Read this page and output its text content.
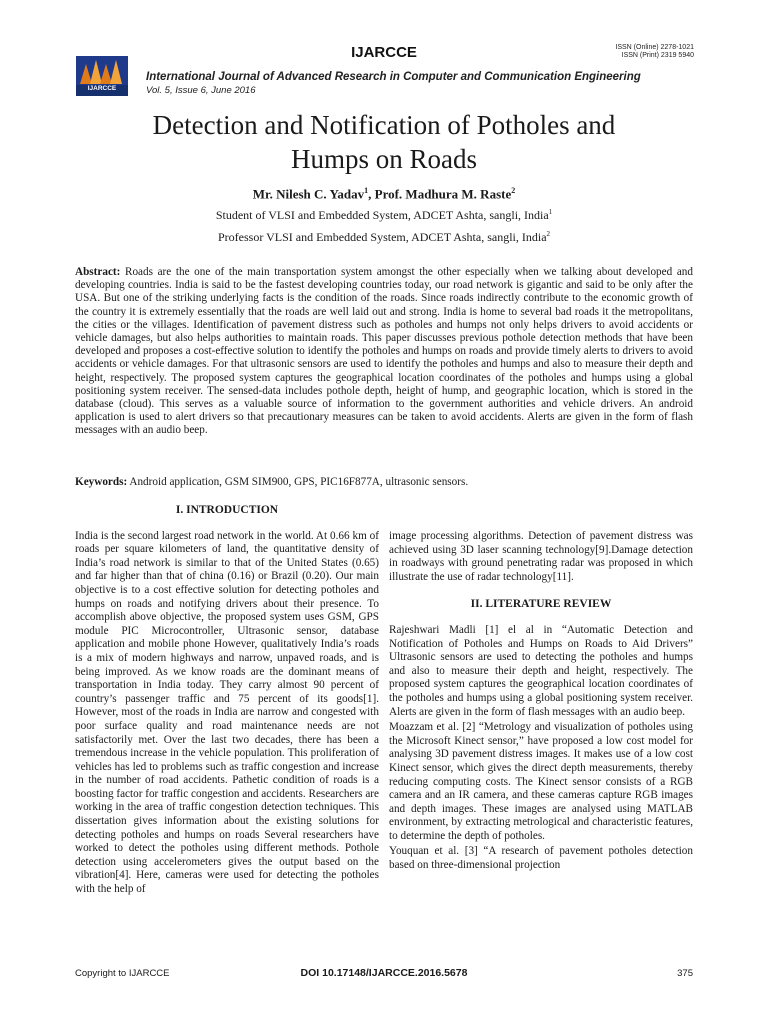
IJARCCE
IJARCCE	ISSN (Online) 2278-1021
ISSN (Print) 2319 5940
International Journal of Advanced Research in Computer and Communication Engineering
Vol. 5, Issue 6, June 2016
Detection and Notification of Potholes and
Humps on Roads
Mr. Nilesh C. Yadav$^1$, Prof. Madhura M. Raste$^2$
Student of VLSI and Embedded System, ADCET Ashta, sangli, India$^1$
Professor VLSI and Embedded System, ADCET Ashta, sangli, India$^2$
Abstract: Roads are the one of the main transportation system amongst the other especially when we talking about developed and developing countries. India is said to be the fastest developing countries today, our road network is gigantic and said to be only after the USA. But one of the striking underlying facts is the condition of the roads. Since roads indirectly contribute to the economic growth of the country it is extremely essentially that the roads are well laid out and strong. India is home to several bad roads it the metropolitans, the cities or the villages. Identification of pavement distress such as potholes and humps not only helps drivers to avoid accidents or vehicle damages, but also helps authorities to maintain roads. This paper discusses previous pothole detection methods that have been developed and proposes a cost-effective solution to identify the potholes and humps on roads and provide timely alerts to drivers to avoid accidents or vehicle damages. For that ultrasonic sensors are used to identify the potholes and humps and also to measure their depth and height, respectively. The proposed system captures the geographical location coordinates of the potholes and humps using a global positioning system receiver. The sensed-data includes pothole depth, height of hump, and geographic location, which is stored in the database (cloud). This serves as a valuable source of information to the government authorities and vehicle drivers. An android application is used to alert drivers so that precautionary measures can be taken to avoid accidents. Alerts are given in the form of flash messages with an audio beep.
Keywords: Android application, GSM SIM900, GPS, PIC16F877A, ultrasonic sensors.
I. INTRODUCTION

India is the second largest road network in the world. At 0.66 km of roads per square kilometers of land, the quantitative density of India’s road network is similar to that of the United States (0.65) and far higher than that of china (0.16) or Brazil (0.20). Our main objective is to a cost effective solution for detecting potholes and humps on roads and notifying drivers about their presence. To accomplish above objective, the proposed system uses GSM, GPS module PIC Microcontroller, Ultrasonic sensor, database application and mobile phone However, qualitatively India’s roads is a mix of modern highways and narrow, unpaved roads, and is being improved. As we know roads are the dominant means of transportation in India today. They carry almost 90 percent of country’s passenger traffic and 75 percent of its goods[1]. However, most of the roads in India are narrow and congested with poor surface quality and road maintenance needs are not satisfactorily met. Over the last two decades, there has been a tremendous increase in the vehicle population. This proliferation of vehicles has led to problems such as traffic congestion and increase in the number of road accidents. Pathetic condition of roads is a boosting factor for traffic congestion and accidents. Researchers are working in the area of traffic congestion detection techniques. This dissertation gives information about the existing solutions for detecting potholes and humps on roads Several researchers have worked to detect the potholes using different methods. Pothole detection using accelerometers gives the output based on the vibration[4]. Here, cameras were used for detecting the potholes with the help of

image processing algorithms. Detection of pavement distress was achieved using 3D laser scanning technology[9].Damage detection in roadways with ground penetrating radar was proposed in which illustrate the use of radar technology[11].

II. LITERATURE REVIEW

Rajeshwari Madli [1] el al in “Automatic Detection and Notification of Potholes and Humps on Roads to Aid Drivers” Ultrasonic sensors are used to detecting the potholes and humps and also to measure their depth and height, respectively. The proposed system captures the geographical location coordinates of the potholes and humps using a global positioning system receiver. Alerts are given in the form of flash messages with an audio beep.

Moazzam et al. [2] “Metrology and visualization of potholes using the Microsoft Kinect sensor,” have proposed a low cost model for analysing 3D pavement distress images. It makes use of a low cost Kinect sensor, which gives the direct depth measurements, thereby reducing computing costs. The Kinect sensor consists of a RGB camera and an IR camera, and these cameras capture RGB images and depth images. These images are analysed using MATLAB environment, by extracting metrological and characteristic features, to determine the depth of potholes.

Youquan et al. [3] “A research of pavement potholes detection based on three-dimensional projection

Copyright to IJARCCE	DOI 10.17148/IJARCCE.2016.5678	375
